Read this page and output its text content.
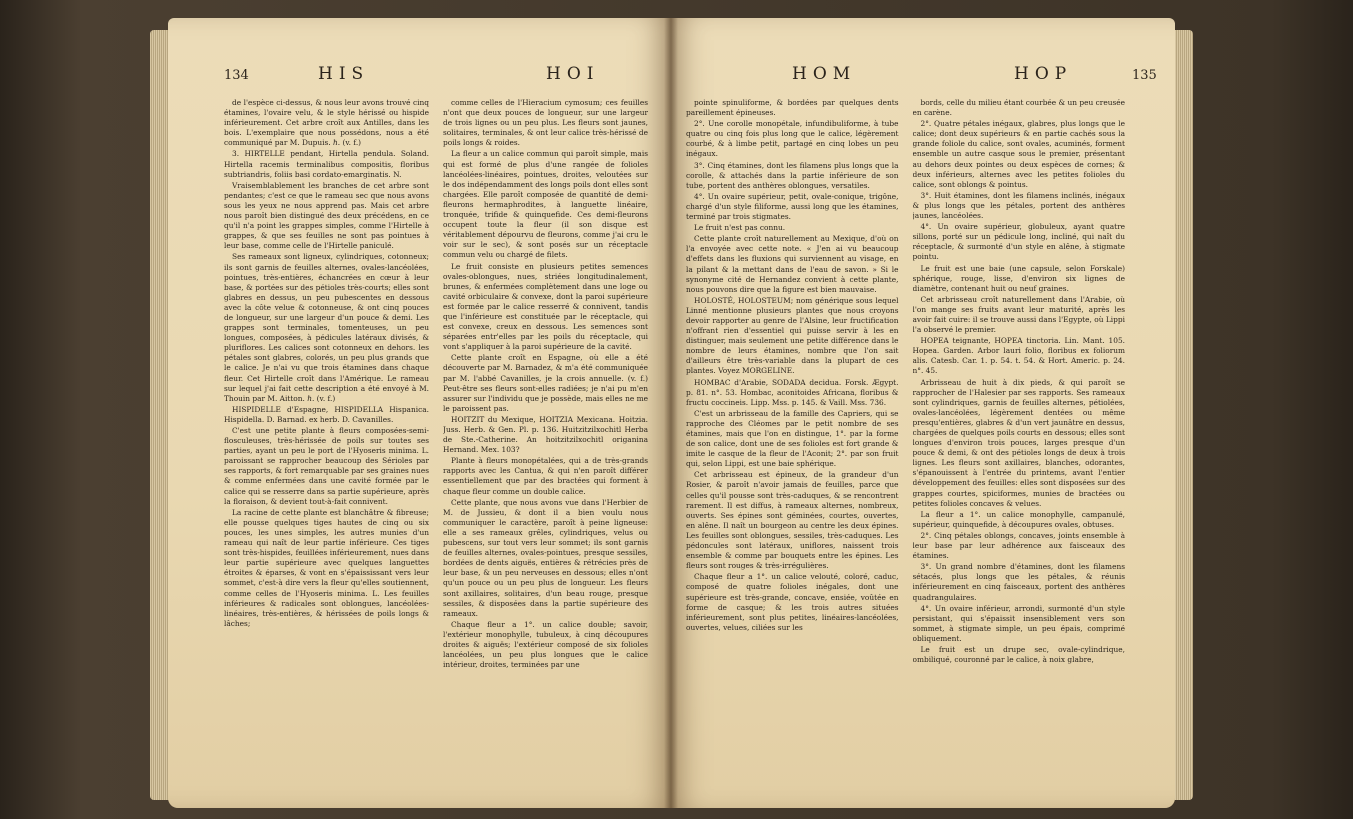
134	HIS	HOI

de l'espèce ci-dessus, & nous leur avons trouvé cinq étamines, l'ovaire velu, & le style hérissé ou hispide inférieurement. Cet arbre croît aux Antilles, dans les bois. L'exemplaire que nous possédons, nous a été communiqué par M. Dupuis. ℏ. (v. f.)

3. HIRTELLE pendant, Hirtella pendula. Soland. Hirtella racemis terminalibus compositis, floribus subtriandris, foliis basi cordato-emarginatis. N.

Vraisemblablement les branches de cet arbre sont pendantes; c'est ce que le rameau sec que nous avons sous les yeux ne nous apprend pas. Mais cet arbre nous paroît bien distingué des deux précédens, en ce qu'il n'a point les grappes simples, comme l'Hirtelle à grappes, & que ses feuilles ne sont pas pointues à leur base, comme celle de l'Hirtelle paniculé.

Ses rameaux sont ligneux, cylindriques, cotonneux; ils sont garnis de feuilles alternes, ovales-lancéolées, pointues, très-entières, échancrées en cœur à leur base, & portées sur des pétioles très-courts; elles sont glabres en dessus, un peu pubescentes en dessous avec la côte velue & cotonneuse, & ont cinq pouces de longueur, sur une largeur d'un pouce & demi. Les grappes sont terminales, tomenteuses, un peu longues, composées, à pédicules latéraux divisés, & pluriflores. Les calices sont cotonneux en dehors. les pétales sont glabres, colorés, un peu plus grands que le calice. Je n'ai vu que trois étamines dans chaque fleur. Cet Hirtelle croît dans l'Amérique. Le rameau sur lequel j'ai fait cette description a été envoyé à M. Thouin par M. Aitton. ℏ. (v. f.)

HISPIDELLE d'Espagne, HISPIDELLA Hispanica. Hispidella. D. Barnad. ex herb. D. Cavanilles.

C'est une petite plante à fleurs composées-semi-flosculeuses, très-hérissée de poils sur toutes ses parties, ayant un peu le port de l'Hyoseris minima. L. paroissant se rapprocher beaucoup des Sérioles par ses rapports, & fort remarquable par ses graines nues & comme enfermées dans une cavité formée par le calice qui se resserre dans sa partie supérieure, après la floraison, & devient tout-à-fait connivent.

La racine de cette plante est blanchâtre & fibreuse; elle pousse quelques tiges hautes de cinq ou six pouces, les unes simples, les autres munies d'un rameau qui naît de leur partie inférieure. Ces tiges sont très-hispides, feuillées inférieurement, nues dans leur partie supérieure avec quelques languettes étroites & éparses, & vont en s'épaississant vers leur sommet, c'est-à dire vers la fleur qu'elles soutiennent, comme celles de l'Hyoseris minima. L. Les feuilles inférieures & radicales sont oblongues, lancéolées-linéaires, très-entières, & hérissées de poils longs & lâches;

comme celles de l'Hieracium cymosum; ces feuilles n'ont que deux pouces de longueur, sur une largeur de trois lignes ou un peu plus. Les fleurs sont jaunes, solitaires, terminales, & ont leur calice très-hérissé de poils longs & roides.

La fleur a un calice commun qui paroît simple, mais qui est formé de plus d'une rangée de folioles lancéolées-linéaires, pointues, droites, veloutées sur le dos indépendamment des longs poils dont elles sont chargées. Elle paroît composée de quantité de demi-fleurons hermaphrodites, à languette linéaire, tronquée, trifide & quinquefide. Ces demi-fleurons occupent toute la fleur (il son disque est véritablement dépourvu de fleurons, comme j'ai cru le voir sur le sec), & sont posés sur un réceptacle commun velu ou chargé de filets.

Le fruit consiste en plusieurs petites semences ovales-oblongues, nues, striées longitudinalement, brunes, & enfermées complètement dans une loge ou cavité orbiculaire & convexe, dont la paroi supérieure est formée par le calice resserré & connivent, tandis que l'inférieure est constituée par le réceptacle, qui est convexe, creux en dessous. Les semences sont séparées entr'elles par les poils du réceptacle, qui vont s'appliquer à la paroi supérieure de la cavité.

Cette plante croît en Espagne, où elle a été découverte par M. Barnadez, & m'a été communiquée par M. l'abbé Cavanilles, je la crois annuelle. (v. f.) Peut-être ses fleurs sont-elles radiées; je n'ai pu m'en assurer sur l'individu que je possède, mais elles ne me le paroissent pas.

HOITZIT du Mexique, HOITZIA Mexicana. Hoitzia. Juss. Herb. & Gen. Pl. p. 136. Huitzitzilxochitl Herba de Ste.-Catherine. An hoitzitzilxochitl origanina Hernand. Mex. 103?

Plante à fleurs monopétalées, qui a de très-grands rapports avec les Cantua, & qui n'en paroît différer essentiellement que par des bractées qui forment à chaque fleur comme un double calice.

Cette plante, que nous avons vue dans l'Herbier de M. de Jussieu, & dont il a bien voulu nous communiquer le caractère, paroît à peine ligneuse: elle a ses rameaux grêles, cylindriques, velus ou pubescens, sur tout vers leur sommet; ils sont garnis de feuilles alternes, ovales-pointues, presque sessiles, bordées de dents aiguës, entières & rétrécies près de leur base, & un peu nerveuses en dessous; elles n'ont qu'un pouce ou un peu plus de longueur. Les fleurs sont axillaires, solitaires, d'un beau rouge, presque sessiles, & disposées dans la partie supérieure des rameaux.

Chaque fleur a 1°. un calice double; savoir, l'extérieur monophylle, tubuleux, à cinq découpures droites & aiguës; l'extérieur composé de six folioles lancéolées, un peu plus longues que le calice intérieur, droites, terminées par une

HOM	HOP	135

pointe spinuliforme, & bordées par quelques dents pareillement épineuses.

2°. Une corolle monopétale, infundibuliforme, à tube quatre ou cinq fois plus long que le calice, légèrement courbé, & à limbe petit, partagé en cinq lobes un peu inégaux.

3°. Cinq étamines, dont les filamens plus longs que la corolle, & attachés dans la partie inférieure de son tube, portent des anthères oblongues, versatiles.

4°. Un ovaire supérieur, petit, ovale-conique, trigône, chargé d'un style filiforme, aussi long que les étamines, terminé par trois stigmates.

Le fruit n'est pas connu.

Cette plante croît naturellement au Mexique, d'où on l'a envoyée avec cette note. « J'en ai vu beaucoup d'effets dans les fluxions qui surviennent au visage, en la pilant & la mettant dans de l'eau de savon. » Si le synonyme cité de Hernandez convient à cette plante, nous pouvons dire que la figure est bien mauvaise.

HOLOSTÉ, HOLOSTEUM; nom générique sous lequel Linné mentionne plusieurs plantes que nous croyons devoir rapporter au genre de l'Alsine, leur fructification n'offrant rien d'essentiel qui puisse servir à les en distinguer, mais seulement une petite différence dans le nombre de leurs étamines, nombre que l'on sait d'ailleurs être très-variable dans la plupart de ces plantes. Voyez MORGELINE.

HOMBAC d'Arabie, SODADA decidua. Forsk. Ægypt. p. 81. n°. 53. Hombac, aconitoides Africana, floribus & fructu coccineis. Lipp. Mss. p. 145. & Vaill. Mss. 736.

C'est un arbrisseau de la famille des Capriers, qui se rapproche des Cléomes par le petit nombre de ses étamines, mais que l'on en distingue, 1°. par la forme de son calice, dont une de ses folioles est fort grande & imite le casque de la fleur de l'Aconit; 2°. par son fruit qui, selon Lippi, est une baie sphérique.

Cet arbrisseau est épineux, de la grandeur d'un Rosier, & paroît n'avoir jamais de feuilles, parce que celles qu'il pousse sont très-caduques, & se rencontrent rarement. Il est diffus, à rameaux alternes, nombreux, ouverts. Ses épines sont géminées, courtes, ouvertes, en alêne. Il naît un bourgeon au centre les deux épines. Les feuilles sont oblongues, sessiles, très-caduques. Les pédoncules sont latéraux, uniflores, naissent trois ensemble & comme par bouquets entre les épines. Les fleurs sont rouges & très-irrégulières.

Chaque fleur a 1°. un calice velouté, coloré, caduc, composé de quatre folioles inégales, dont une supérieure est très-grande, concave, ensiée, voûtée en forme de casque; & les trois autres situées inférieurement, sont plus petites, linéaires-lancéolées, ouvertes, velues, ciliées sur les

bords, celle du milieu étant courbée & un peu creusée en carène.

2°. Quatre pétales inégaux, glabres, plus longs que le calice; dont deux supérieurs & en partie cachés sous la grande foliole du calice, sont ovales, acuminés, forment ensemble un autre casque sous le premier, présentant au dehors deux pointes ou deux espèces de cornes; & deux inférieurs, alternes avec les petites folioles du calice, sont oblongs & pointus.

3°. Huit étamines, dont les filamens inclinés, inégaux & plus longs que les pétales, portent des anthères jaunes, lancéolées.

4°. Un ovaire supérieur, globuleux, ayant quatre sillons, porté sur un pédicule long, incliné, qui naît du réceptacle, & surmonté d'un style en alêne, à stigmate pointu.

Le fruit est une baie (une capsule, selon Forskale) sphérique, rouge, lisse, d'environ six lignes de diamètre, contenant huit ou neuf graines.

Cet arbrisseau croît naturellement dans l'Arabie, où l'on mange ses fruits avant leur maturité, après les avoir fait cuire: il se trouve aussi dans l'Egypte, où Lippi l'a observé le premier.

HOPEA teignante, HOPEA tinctoria. Lin. Mant. 105. Hopea. Garden. Arbor lauri folio, floribus ex foliorum alis. Catesb. Car. 1. p. 54. t. 54. & Hort. Americ. p. 24. n°. 45.

Arbrisseau de huit à dix pieds, & qui paroît se rapprocher de l'Halesier par ses rapports. Ses rameaux sont cylindriques, garnis de feuilles alternes, pétiolées, ovales-lancéolées, légèrement dentées ou même presqu'entières, glabres & d'un vert jaunâtre en dessus, chargées de quelques poils courts en dessous; elles sont longues d'environ trois pouces, larges presque d'un pouce & demi, & ont des pétioles longs de deux à trois lignes. Les fleurs sont axillaires, blanches, odorantes, s'épanouissent à l'entrée du printems, avant l'entier développement des feuilles: elles sont disposées sur des grappes courtes, spiciformes, munies de bractées ou petites folioles concaves & velues.

La fleur a 1°. un calice monophylle, campanulé, supérieur, quinquefide, à découpures ovales, obtuses.

2°. Cinq pétales oblongs, concaves, joints ensemble à leur base par leur adhérence aux faisceaux des étamines.

3°. Un grand nombre d'étamines, dont les filamens sétacés, plus longs que les pétales, & réunis inférieurement en cinq faisceaux, portent des anthères quadrangulaires.

4°. Un ovaire inférieur, arrondi, surmonté d'un style persistant, qui s'épaissit insensiblement vers son sommet, à stigmate simple, un peu épais, comprimé obliquement.

Le fruit est un drupe sec, ovale-cylindrique, ombiliqué, couronné par le calice, à noix glabre,
